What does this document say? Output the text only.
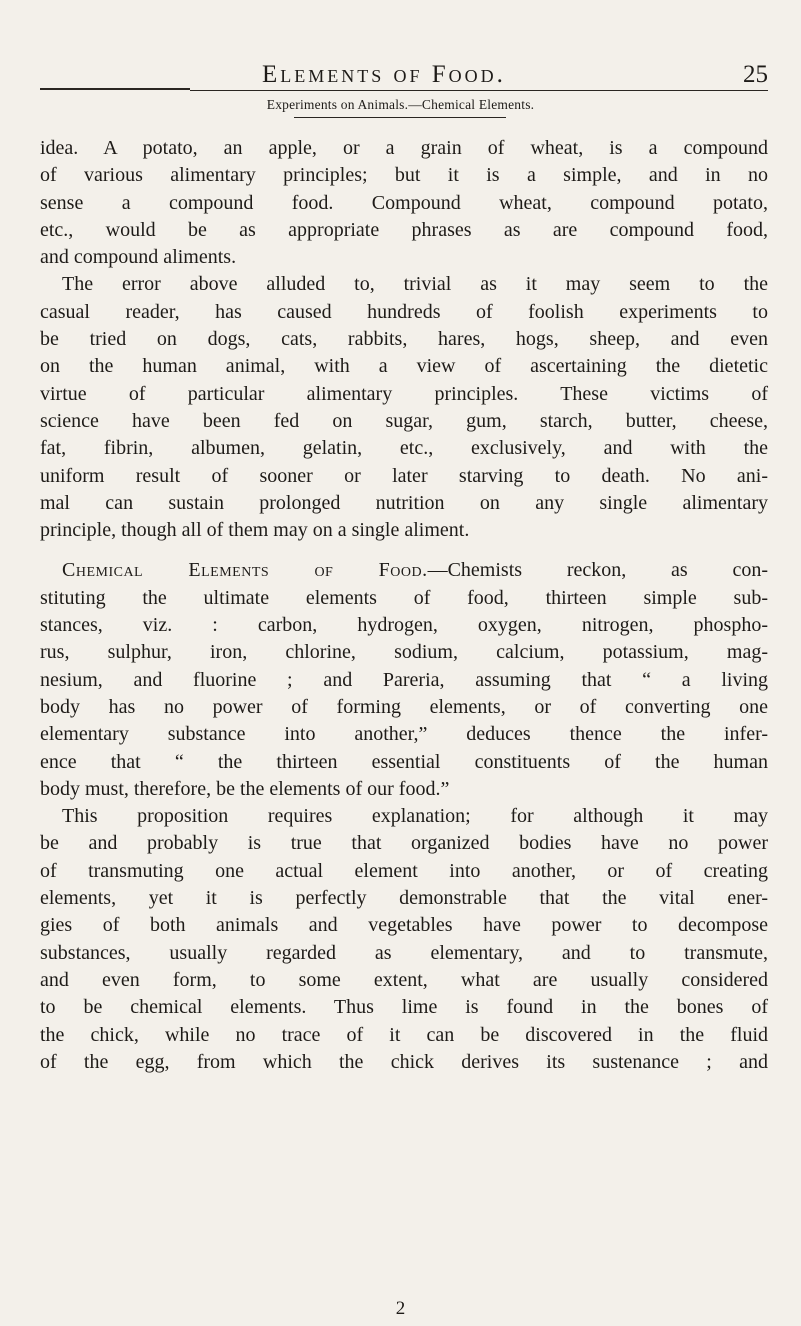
Elements of Food.	25
Experiments on Animals.—Chemical Elements.
idea. A potato, an apple, or a grain of wheat, is a compound
of various alimentary principles; but it is a simple, and in no
sense a compound food. Compound wheat, compound potato,
etc., would be as appropriate phrases as are compound food,
and compound aliments.
The error above alluded to, trivial as it may seem to the
casual reader, has caused hundreds of foolish experiments to
be tried on dogs, cats, rabbits, hares, hogs, sheep, and even
on the human animal, with a view of ascertaining the dietetic
virtue of particular alimentary principles. These victims of
science have been fed on sugar, gum, starch, butter, cheese,
fat, fibrin, albumen, gelatin, etc., exclusively, and with the
uniform result of sooner or later starving to death. No ani-
mal can sustain prolonged nutrition on any single alimentary
principle, though all of them may on a single aliment.
Chemical Elements of Food.—Chemists reckon, as con-
stituting the ultimate elements of food, thirteen simple sub-
stances, viz. : carbon, hydrogen, oxygen, nitrogen, phospho-
rus, sulphur, iron, chlorine, sodium, calcium, potassium, mag-
nesium, and fluorine ; and Pareria, assuming that “ a living
body has no power of forming elements, or of converting one
elementary substance into another,” deduces thence the infer-
ence that “ the thirteen essential constituents of the human
body must, therefore, be the elements of our food.”
This proposition requires explanation; for although it may
be and probably is true that organized bodies have no power
of transmuting one actual element into another, or of creating
elements, yet it is perfectly demonstrable that the vital ener-
gies of both animals and vegetables have power to decompose
substances, usually regarded as elementary, and to transmute,
and even form, to some extent, what are usually considered
to be chemical elements. Thus lime is found in the bones of
the chick, while no trace of it can be discovered in the fluid
of the egg, from which the chick derives its sustenance ; and
2
